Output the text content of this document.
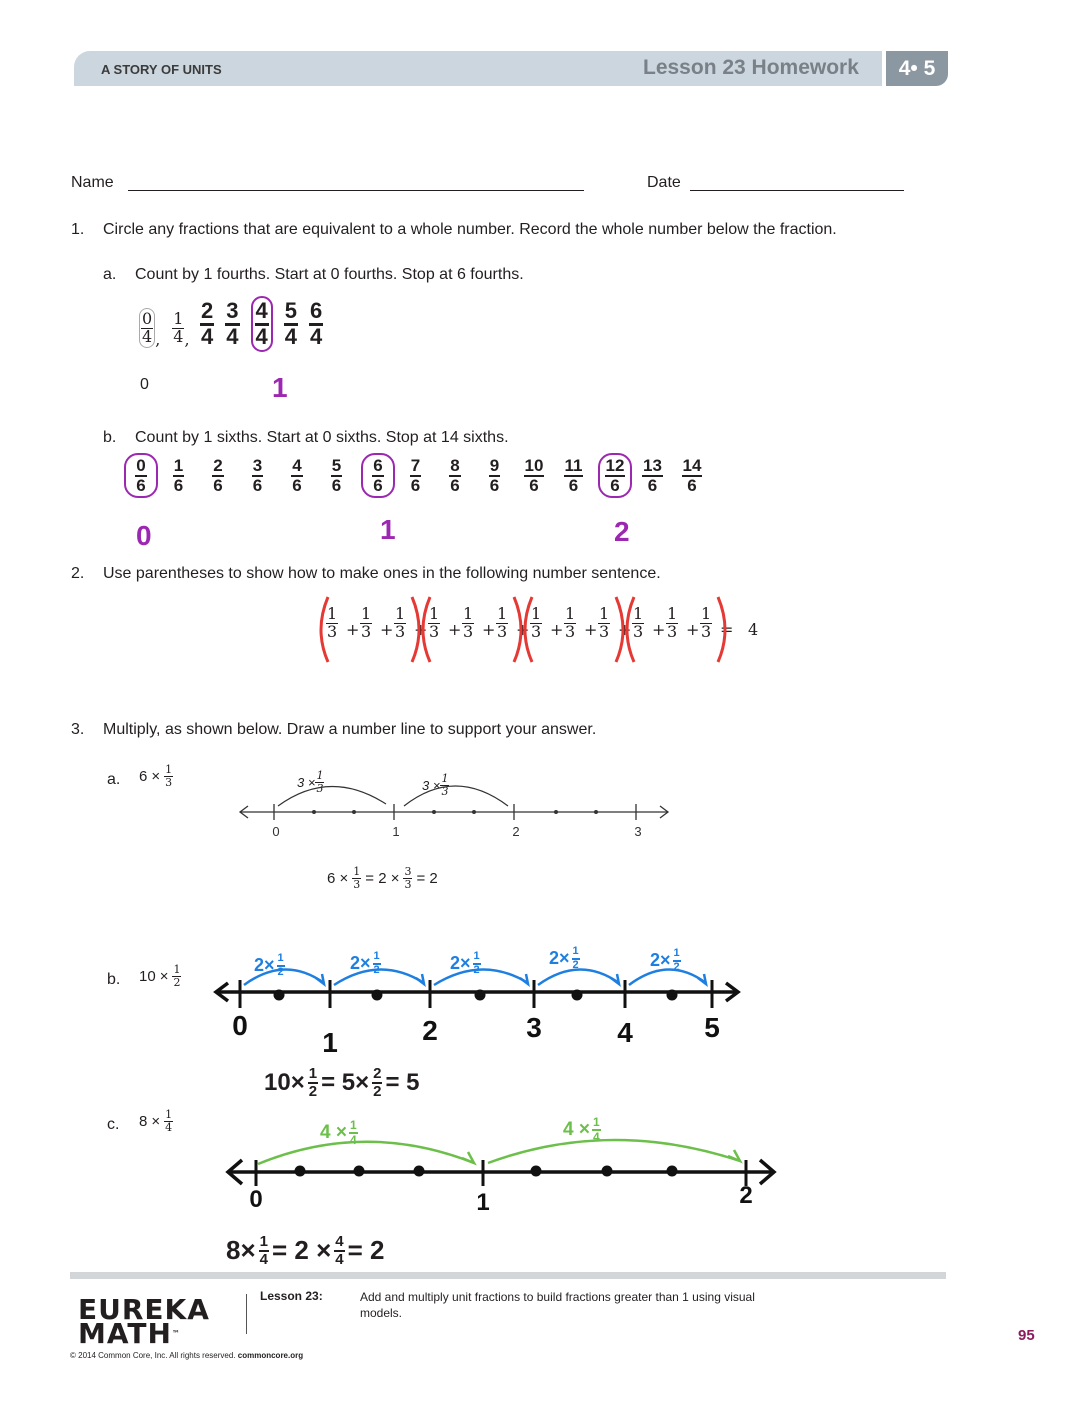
A STORY OF UNITS	Lesson 23 Homework	4• 5
Name	Date
1. Circle any fractions that are equivalent to a whole number. Record the whole number below the fraction.
a. Count by 1 fourths. Start at 0 fourths. Stop at 6 fourths.
$\frac{0}{4}$ , $\frac{1}{4}$ ,
0
$\frac{2}{4} \frac{3}{4} \frac{4}{4} \frac{5}{4} \frac{6}{4}$
1
b. Count by 1 sixths. Start at 0 sixths. Stop at 14 sixths.
$\frac{0}{6} \frac{1}{6} \frac{2}{6} \frac{3}{6} \frac{4}{6} \frac{5}{6} \frac{6}{6} \frac{7}{6} \frac{8}{6} \frac{9}{6} \frac{10}{6} \frac{11}{6} \frac{12}{6} \frac{13}{6} \frac{14}{6}$
0	1	2
2. Use parentheses to show how to make ones in the following number sentence.
$\frac{1}{3} + \frac{1}{3} + \frac{1}{3} + \frac{1}{3} + \frac{1}{3} + \frac{1}{3} + \frac{1}{3} + \frac{1}{3} + \frac{1}{3} + \frac{1}{3} + \frac{1}{3} + \frac{1}{3} = 4$
3. Multiply, as shown below. Draw a number line to support your answer.
a. $6 \times \frac{1}{3}$	$3 \times \frac{1}{3}$	$3 \times \frac{1}{3}$
$6 \times \frac{1}{3} = 2 \times \frac{3}{3} = 2$
b. $10 \times \frac{1}{2}$	$2\times \frac{1}{2}$	$2\times \frac{1}{2}$	$2\times \frac{1}{2}$	$2\times \frac{1}{2}$	$2\times \frac{1}{2}$
$10\times \frac{1}{2} = 5\times \frac{2}{2} = 5$
c. $8 \times \frac{1}{4}$	$4 \times \frac{1}{4}$	$4 \times \frac{1}{4}$
$8\times \frac{1}{4} = 2 \times \frac{4}{4} = 2$
0	1	2	3
0
1	2	3	4	5
0	1	2
EUREKA
MATH™
Lesson 23:	Add and multiply unit fractions to build fractions greater than 1 using visual models.
© 2014 Common Core, Inc. All rights reserved. commoncore.org
95
